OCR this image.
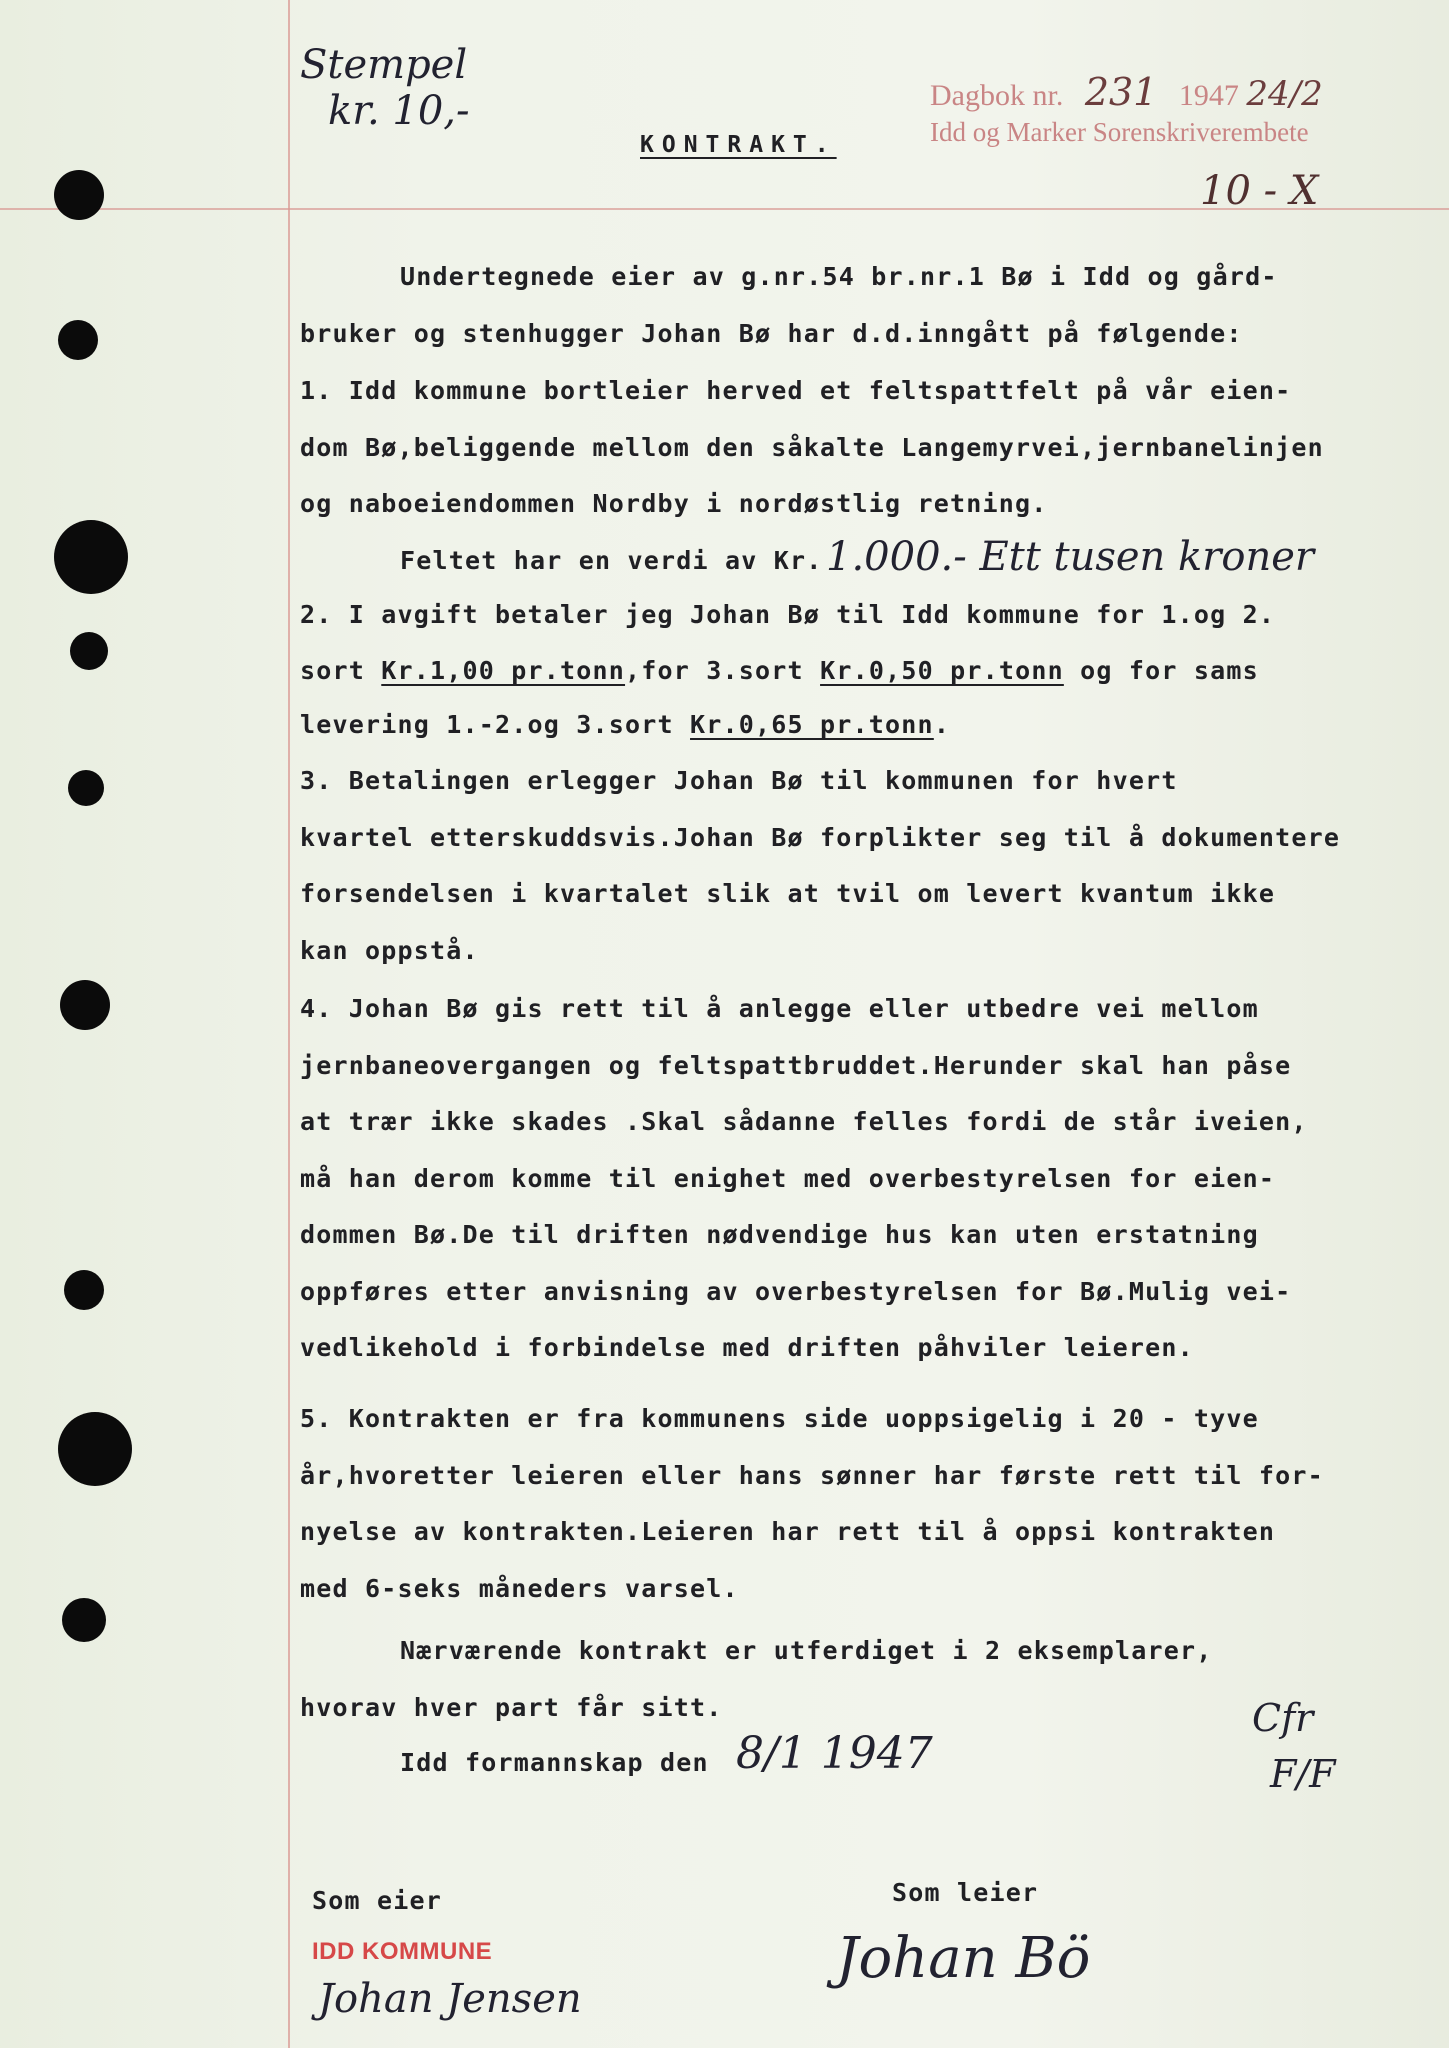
Stempel
kr. 10,-
KONTRAKT.
Dagbok nr. 231 1947 24/2
Idd og Marker Sorenskriverembete
10 - X
Undertegnede eier av g.nr.54 br.nr.1 Bø i Idd og gård-
bruker og stenhugger Johan Bø har d.d.inngått på følgende:
1. Idd kommune bortleier herved et feltspattfelt på vår eien-
dom Bø,beliggende mellom den såkalte Langemyrvei,jernbanelinjen
og naboeiendommen Nordby i nordøstlig retning.
3. Betalingen erlegger Johan Bø til kommunen for hvert
kvartel etterskuddsvis.Johan Bø forplikter seg til å dokumentere
forsendelsen i kvartalet slik at tvil om levert kvantum ikke
kan oppstå.
4. Johan Bø gis rett til å anlegge eller utbedre vei mellom
jernbaneovergangen og feltspattbruddet.Herunder skal han påse
at trær ikke skades .Skal sådanne felles fordi de står iveien,
må han derom komme til enighet med overbestyrelsen for eien-
dommen Bø.De til driften nødvendige hus kan uten erstatning
oppføres etter anvisning av overbestyrelsen for Bø.Mulig vei-
vedlikehold i forbindelse med driften påhviler leieren.
5. Kontrakten er fra kommunens side uoppsigelig i 20 - tyve
år,hvoretter leieren eller hans sønner har første rett til for-
nyelse av kontrakten.Leieren har rett til å oppsi kontrakten
med 6-seks måneders varsel.
Nærværende kontrakt er utferdiget i 2 eksemplarer,
hvorav hver part får sitt.
Feltet har en verdi av Kr. 1.000.- Ett tusen kroner
2. I avgift betaler jeg Johan Bø til Idd kommune for 1.og 2.
sort Kr.1,00 pr.tonn,for 3.sort Kr.0,50 pr.tonn og for sams
levering 1.-2.og 3.sort Kr.0,65 pr.tonn.
Idd formannskap den 8/1 1947
Som eier
IDD KOMMUNE
Johan Jensen
Som leier
Johan Bö
Cfr
F/F
